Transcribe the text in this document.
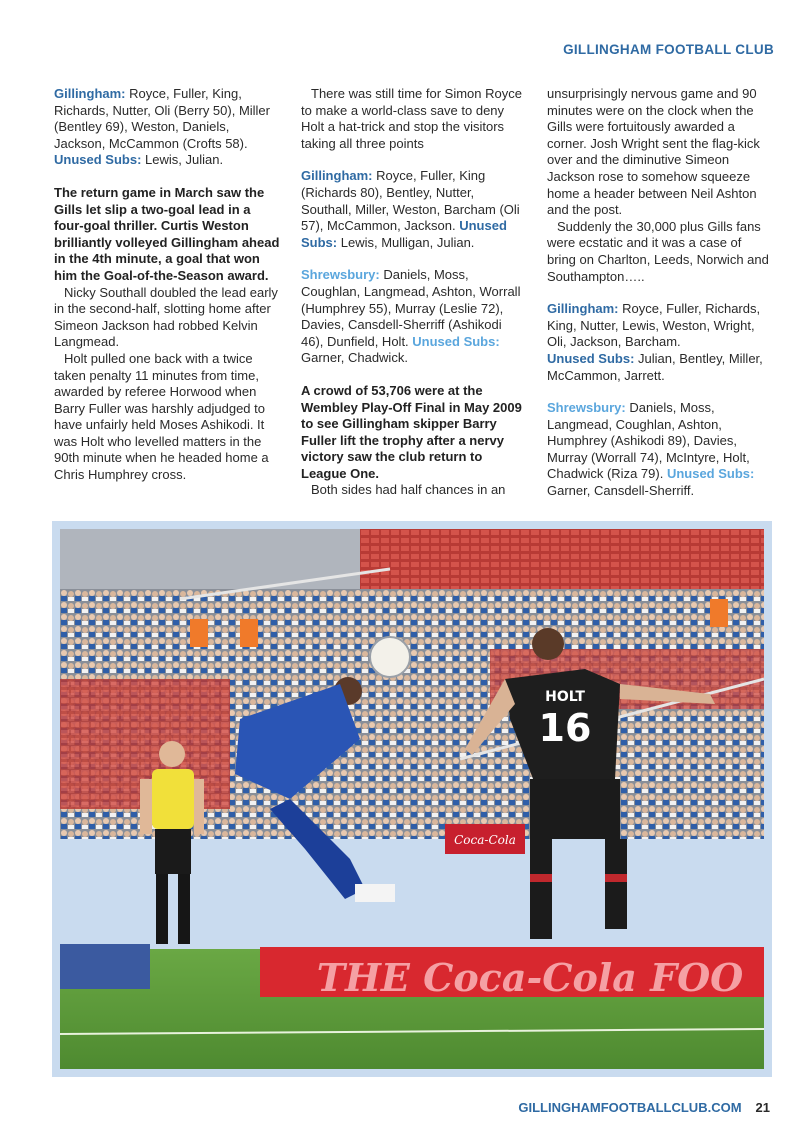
GILLINGHAM FOOTBALL CLUB

Gillingham: Royce, Fuller, King, Richards, Nutter, Oli (Berry 50), Miller (Bentley 69), Weston, Daniels, Jackson, McCammon (Crofts 58).
Unused Subs: Lewis, Julian.

The return game in March saw the Gills let slip a two-goal lead in a four-goal thriller. Curtis Weston brilliantly volleyed Gillingham ahead in the 4th minute, a goal that won him the Goal-of-the-Season award.

Nicky Southall doubled the lead early in the second-half, slotting home after Simeon Jackson had robbed Kelvin Langmead.

Holt pulled one back with a twice taken penalty 11 minutes from time, awarded by referee Horwood when Barry Fuller was harshly adjudged to have unfairly held Moses Ashikodi. It was Holt who levelled matters in the 90th minute when he headed home a Chris Humphrey cross.

There was still time for Simon Royce to make a world-class save to deny Holt a hat-trick and stop the visitors taking all three points

Gillingham: Royce, Fuller, King (Richards 80), Bentley, Nutter, Southall, Miller, Weston, Barcham (Oli 57), McCammon, Jackson. Unused Subs: Lewis, Mulligan, Julian.

Shrewsbury: Daniels, Moss, Coughlan, Langmead, Ashton, Worrall (Humphrey 55), Murray (Leslie 72), Davies, Cansdell-Sherriff (Ashikodi 46), Dunfield, Holt. Unused Subs: Garner, Chadwick.

A crowd of 53,706 were at the Wembley Play-Off Final in May 2009 to see Gillingham skipper Barry Fuller lift the trophy after a nervy victory saw the club return to League One.

Both sides had half chances in an

unsurprisingly nervous game and 90 minutes were on the clock when the Gills were fortuitously awarded a corner. Josh Wright sent the flag-kick over and the diminutive Simeon Jackson rose to somehow squeeze home a header between Neil Ashton and the post.

Suddenly the 30,000 plus Gills fans were ecstatic and it was a case of bring on Charlton, Leeds, Norwich and Southampton…..

Gillingham: Royce, Fuller, Richards, King, Nutter, Lewis, Weston, Wright, Oli, Jackson, Barcham.
Unused Subs: Julian, Bentley, Miller, McCammon, Jarrett.

Shrewsbury: Daniels, Moss, Langmead, Coughlan, Ashton, Humphrey (Ashikodi 89), Davies, Murray (Worrall 74), McIntyre, Holt, Chadwick (Riza 79). Unused Subs: Garner, Cansdell-Sherriff.

Coca-Cola
THE Coca-Cola FOO
HOLT
16
GILLINGHAMFOOTBALLCLUB.COM 21
